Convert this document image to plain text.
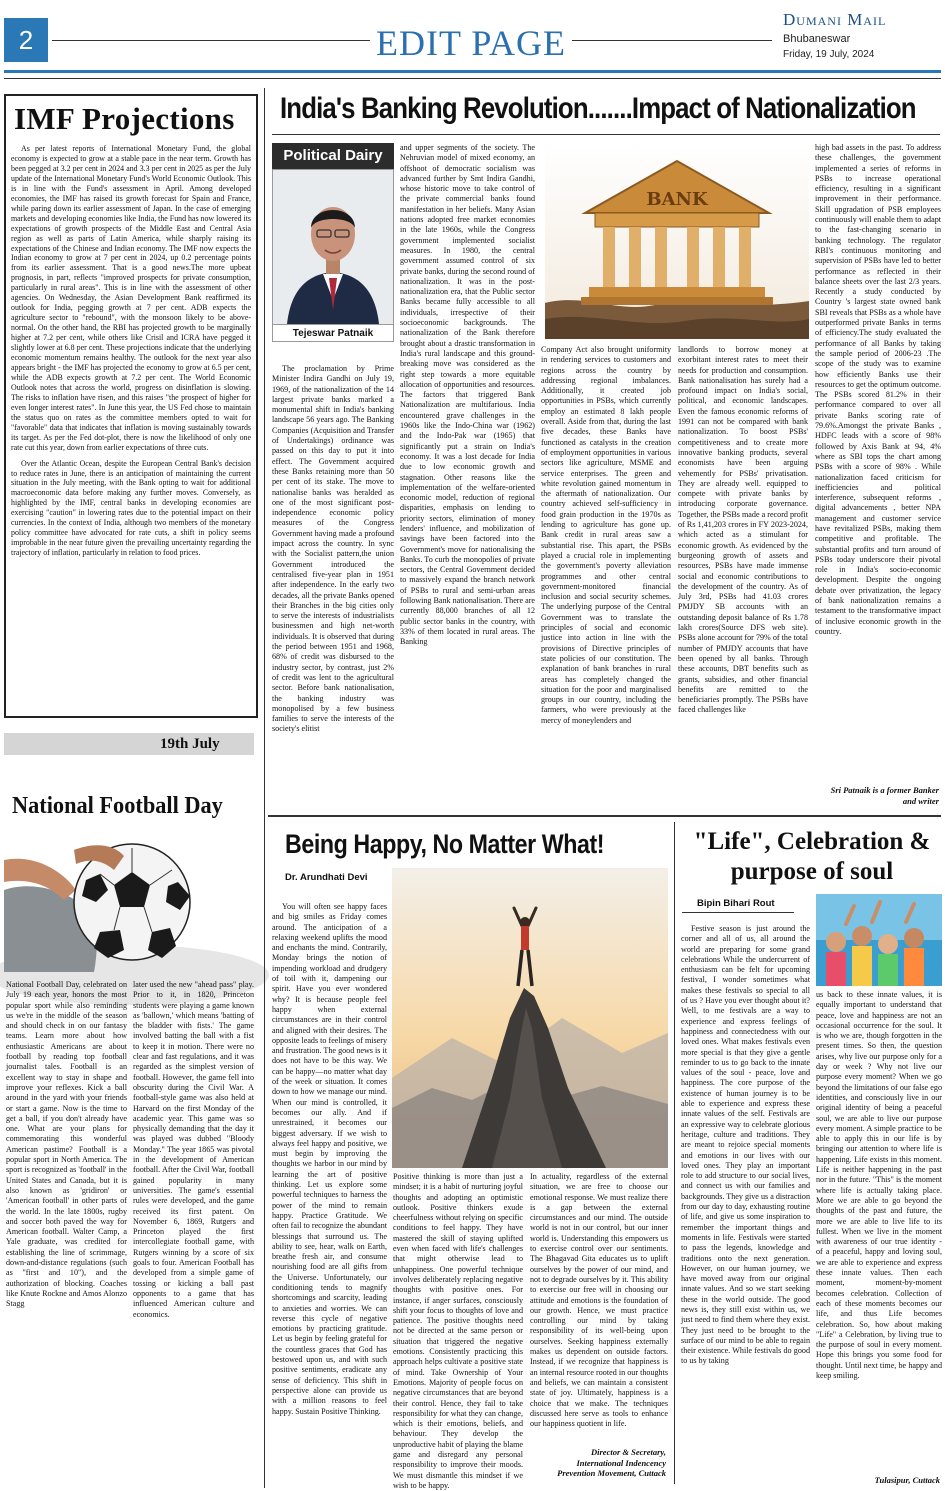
2	EDIT PAGE
Dumani Mail
Bhubaneswar
Friday, 19 July, 2024
IMF Projections

As per latest reports of International Monetary Fund, the global economy is expected to grow at a stable pace in the near term. Growth has been pegged at 3.2 per cent in 2024 and 3.3 per cent in 2025 as per the July update of the International Monetary Fund's World Economic Outlook. This is in line with the Fund's assessment in April. Among developed economies, the IMF has raised its growth forecast for Spain and France, while paring down its earlier assessment of Japan. In the case of emerging markets and developing economies like India, the Fund has now lowered its expectations of growth prospects of the Middle East and Central Asia region as well as parts of Latin America, while sharply raising its expectations of the Chinese and Indian economy. The IMF now expects the Indian economy to grow at 7 per cent in 2024, up 0.2 percentage points from its earlier assessment. That is a good news.The more upbeat prognosis, in part, reflects "improved prospects for private consumption, particularly in rural areas". This is in line with the assessment of other agencies. On Wednesday, the Asian Development Bank reaffirmed its outlook for India, pegging growth at 7 per cent. ADB expects the agriculture sector to "rebound", with the monsoon likely to be above-normal. On the other hand, the RBI has projected growth to be marginally higher at 7.2 per cent, while others like Crisil and ICRA have pegged it slightly lower at 6.8 per cent. These projections indicate that the underlying economic momentum remains healthy. The outlook for the next year also appears bright - the IMF has projected the economy to grow at 6.5 per cent, while the ADB expects growth at 7.2 per cent. The World Economic Outlook notes that across the world, progress on disinflation is slowing. The risks to inflation have risen, and this raises "the prospect of higher for even longer interest rates". In June this year, the US Fed chose to maintain the status quo on rates as the committee members opted to wait for "favorable" data that indicates that inflation is moving sustainably towards its target. As per the Fed dot-plot, there is now the likelihood of only one rate cut this year, down from earlier expectations of three cuts.

Over the Atlantic Ocean, despite the European Central Bank's decision to reduce rates in June, there is an anticipation of maintaining the current situation in the July meeting, with the Bank opting to wait for additional macroeconomic data before making any further moves. Conversely, as highlighted by the IMF, central banks in developing economies are exercising "caution" in lowering rates due to the potential impact on their currencies. In the context of India, although two members of the monetary policy committee have advocated for rate cuts, a shift in policy seems improbable in the near future given the prevailing uncertainty regarding the trajectory of inflation, particularly in relation to food prices.

19th July
National Football Day

National Football Day, celebrated on July 19 each year, honors the most popular sport while also reminding us we're in the middle of the season and should check in on our fantasy teams. Learn more about how enthusiastic Americans are about football by reading top football journalist tales. Football is an excellent way to stay in shape and improve your reflexes. Kick a ball around in the yard with your friends or start a game. Now is the time to get a ball, if you don't already have one. What are your plans for commemorating this wonderful American pastime? Football is a popular sport in North America. The sport is recognized as 'football' in the United States and Canada, but it is also known as 'gridiron' or 'American football' in other parts of the world. In the late 1800s, rugby and soccer both paved the way for American football. Walter Camp, a Yale graduate, was credited for establishing the line of scrimmage, down-and-distance regulations (such as "first and 10"), and the authorization of blocking. Coaches like Knute Rockne and Amos Alonzo Stagg

later used the new "ahead pass" play. Prior to it, in 1820, Princeton students were playing a game known as 'ballown,' which means 'batting of the bladder with fists.' The game involved batting the ball with a fist to keep it in motion. There were no clear and fast regulations, and it was regarded as the simplest version of football. However, the game fell into obscurity during the Civil War. A football-style game was also held at Harvard on the first Monday of the academic year. This game was so physically demanding that the day it was played was dubbed "Bloody Monday." The year 1865 was pivotal in the development of American football. After the Civil War, football gained popularity in many universities. The game's essential rules were developed, and the game received its first patent. On November 6, 1869, Rutgers and Princeton played the first intercollegiate football game, with Rutgers winning by a score of six goals to four. American Football has developed from a simple game of tossing or kicking a ball past opponents to a game that has influenced American culture and economics.

India's Banking Revolution.......Impact of Nationalization
Political Dairy
Tejeswar Patnaik
BANK

The proclamation by Prime Minister Indira Gandhi on July 19, 1969, of the nationalization of the 14 largest private banks marked a monumental shift in India's banking landscape 56 years ago. The Banking Companies (Acquisition and Transfer of Undertakings) ordinance was passed on this day to put it into effect. The Government acquired these Banks retaining more than 50 per cent of its stake. The move to nationalise banks was heralded as one of the most significant post-independence economic policy measures of the Congress Government having made a profound impact across the country. In sync with the Socialist pattern,the union Government introduced the centralised five-year plan in 1951 after independence. In the early two decades, all the private Banks opened their Branches in the big cities only to serve the interests of industrialists businessmen and high net-worth individuals. It is observed that during the period between 1951 and 1968, 68% of credit was disbursed to the industry sector, by contrast, just 2% of credit was lent to the agricultural sector. Before bank nationalisation, the banking industry was monopolised by a few business families to serve the interests of the society's elitist

and upper segments of the society. The Nehruvian model of mixed economy, an offshoot of democratic socialism was advanced further by Smt Indira Gandhi, whose historic move to take control of the private commercial banks found manifestation in her beliefs. Many Asian nations adopted free market economies in the late 1960s, while the Congress government implemented socialist measures. In 1980, the central government assumed control of six private banks, during the second round of nationalization. It was in the post-nationalization era, that the Public sector Banks became fully accessible to all individuals, irrespective of their socioeconomic backgrounds. The nationalization of the Bank therefore brought about a drastic transformation in India's rural landscape and this ground-breaking move was considered as the right step towards a more equitable allocation of opportunities and resources. The factors that triggered Bank Nationalization are multifarious. India encountered grave challenges in the 1960s like the Indo-China war (1962) and the Indo-Pak war (1965) that significantly put a strain on India's economy. It was a lost decade for India due to low economic growth and stagnation. Other reasons like the implementation of the welfare-oriented economic model, reduction of regional disparities, emphasis on lending to priority sectors, elimination of money lenders' influence, and mobilization of savings have been factored into the Government's move for nationalising the Banks. To curb the monopolies of private sectors, the Central Government decided to massively expand the branch network of PSBs to rural and semi-urban areas following Bank nationalisation. There are currently 88,000 branches of all 12 public sector banks in the country, with 33% of them located in rural areas. The Banking

Company Act also brought uniformity in rendering services to customers and regions across the country by addressing regional imbalances. Additionally, it created job opportunities in PSBs, which currently employ an estimated 8 lakh people overall. Aside from that, during the last five decades, these Banks have functioned as catalysts in the creation of employment opportunities in various sectors like agriculture, MSME and service enterprises. The green and white revolution gained momentum in the aftermath of nationalization. Our country achieved self-sufficiency in food grain production in the 1970s as lending to agriculture has gone up. Bank credit in rural areas saw a substantial rise. This apart, the PSBs played a crucial role in implementing the government's poverty alleviation programmes and other central government-monitored financial inclusion and social security schemes. The underlying purpose of the Central Government was to translate the principles of social and economic justice into action in line with the provisions of Directive principles of state policies of our constitution. The explanation of bank branches in rural areas has completely changed the situation for the poor and marginalised groups in our country, including the farmers, who were previously at the mercy of moneylenders and

landlords to borrow money at exorbitant interest rates to meet their needs for production and consumption. Bank nationalisation has surely had a profound impact on India's social, political, and economic landscapes. Even the famous economic reforms of 1991 can not be compared with bank nationalization. To boost PSBs' competitiveness and to create more innovative banking products, several economists have been arguing vehemently for PSBs' privatisation. They are already well. equipped to compete with private banks by introducing corporate governance. Together, the PSBs made a record profit of Rs 1,41,203 crores in FY 2023-2024, which acted as a stimulant for economic growth. As evidenced by the burgeoning growth of assets and resources, PSBs have made immense social and economic contributions to the development of the country. As of July 3rd, PSBs had 41.03 crores PMJDY SB accounts with an outstanding deposit balance of Rs 1.78 lakh crores(Source DFS web site). PSBs alone account for 79% of the total number of PMJDY accounts that have been opened by all banks. Through these accounts, DBT benefits such as grants, subsidies, and other financial benefits are remitted to the beneficiaries promptly. The PSBs have faced challenges like

high bad assets in the past. To address these challenges, the government implemented a series of reforms in PSBs to increase operational efficiency, resulting in a significant improvement in their performance. Skill upgradation of PSB employees continuously will enable them to adapt to the fast-changing scenario in banking technology. The regulator RBI's continuous monitoring and supervision of PSBs have led to better performance as reflected in their balance sheets over the last 2/3 years. Recently a study conducted by Country 's largest state owned bank SBI reveals that PSBs as a whole have outperformed private Banks in terms of efficiency.The study evaluated the performance of all Banks by taking the sample period of 2006-23 .The scope of the study was to examine how efficiently Banks use their resources to get the optimum outcome. The PSBs scored 81.2% in their performance compared to over all private Banks scoring rate of 79.6%.Amongst the private Banks , HDFC leads with a score of 98% followed by Axis Bank at 94, 4% where as SBI tops the chart among PSBs with a score of 98% . While nationalization faced criticism for inefficiencies and political interference, subsequent reforms , digital advancements , better NPA management and customer service have revitalized PSBs, making them competitive and profitable. The substantial profits and turn around of PSBs today underscore their pivotal role in India's socio-economic development. Despite the ongoing debate over privatization, the legacy of bank nationalization remains a testament to the transformative impact of inclusive economic growth in the country.

Sri Patnaik is a former Banker
and writer
Being Happy, No Matter What!
Dr. Arundhati Devi

You will often see happy faces and big smiles as Friday comes around. The anticipation of a relaxing weekend uplifts the mood and enchants the mind. Contrarily, Monday brings the notion of impending workload and drudgery of toil with it, dampening our spirit. Have you ever wondered why? It is because people feel happy when external circumstances are in their control and aligned with their desires. The opposite leads to feelings of misery and frustration. The good news is it does not have to be this way. We can be happy—no matter what day of the week or situation. It comes down to how we manage our mind. When our mind is controlled, it becomes our ally. And if unrestrained, it becomes our biggest adversary. If we wish to always feel happy and positive, we must begin by improving the thoughts we harbor in our mind by learning the art of positive thinking. Let us explore some powerful techniques to harness the power of the mind to remain happy. Practice Gratitude. We often fail to recognize the abundant blessings that surround us. The ability to see, hear, walk on Earth, breathe fresh air, and consume nourishing food are all gifts from the Universe. Unfortunately, our conditioning tends to magnify shortcomings and scarcity, leading to anxieties and worries. We can reverse this cycle of negative emotions by practicing gratitude. Let us begin by feeling grateful for the countless graces that God has bestowed upon us, and with such positive sentiments, eradicate any sense of deficiency. This shift in perspective alone can provide us with a million reasons to feel happy. Sustain Positive Thinking.

Positive thinking is more than just a mindset; it is a habit of nurturing joyful thoughts and adopting an optimistic outlook. Positive thinkers exude cheerfulness without relying on specific conditions to feel happy. They have mastered the skill of staying uplifted even when faced with life's challenges that might otherwise lead to unhappiness. One powerful technique involves deliberately replacing negative thoughts with positive ones. For instance, if anger surfaces, consciously shift your focus to thoughts of love and patience. The positive thoughts need not be directed at the same person or situation that triggered the negative emotions. Consistently practicing this approach helps cultivate a positive state of mind. Take Ownership of Your Emotions. Majority of people focus on negative circumstances that are beyond their control. Hence, they fail to take responsibility for what they can change, which is their emotions, beliefs, and behaviour. They develop the unproductive habit of playing the blame game and disregard any personal responsibility to improve their moods. We must dismantle this mindset if we wish to be happy.

In actuality, regardless of the external situation, we are free to choose our emotional response. We must realize there is a gap between the external circumstances and our mind. The outside world is not in our control, but our inner world is. Understanding this empowers us to exercise control over our sentiments. The Bhagavad Gita educates us to uplift ourselves by the power of our mind, and not to degrade ourselves by it. This ability to exercise our free will in choosing our attitude and emotions is the foundation of our growth. Hence, we must practice controlling our mind by taking responsibility of its well-being upon ourselves. Seeking happiness externally makes us dependent on outside factors. Instead, if we recognize that happiness is an internal resource rooted in our thoughts and beliefs, we can maintain a consistent state of joy. Ultimately, happiness is a choice that we make. The techniques discussed here serve as tools to enhance our happiness quotient in life.

Director & Secretary,
International Indencency
Prevention Movement, Cuttack
"Life", Celebration & purpose of soul
Bipin Bihari Rout

Festive season is just around the corner and all of us, all around the world are preparing for some grand celebrations While the undercurrent of enthusiasm can be felt for upcoming festival, I wonder sometimes what makes these festivals so special to all of us ? Have you ever thought about it? Well, to me festivals are a way to experience and express feelings of happiness and connectedness with our loved ones. What makes festivals even more special is that they give a gentle reminder to us to go back to the innate values of the soul - peace, love and happiness. The core purpose of the existence of human journey is to be able to experience and express these innate values of the self. Festivals are an expressive way to celebrate glorious heritage, culture and traditions. They are meant to rejoice special moments and emotions in our lives with our loved ones. They play an important role to add structure to our social lives, and connect us with our families and backgrounds. They give us a distraction from our day to day, exhausting routine of life, and give us some inspiration to remember the important things and moments in life. Festivals were started to pass the legends, knowledge and traditions onto the next generation. However, on our human journey, we have moved away from our original innate values. And so we start seeking these in the world outside. The good news is, they still exist within us, we just need to find them where they exist. They just need to be brought to the surface of our mind to be able to regain their existence. While festivals do good to us by taking

us back to these innate values, it is equally important to understand that peace, love and happiness are not an occasional occurrence for the soul. It is who we are, though forgotten in the present times. So then, the question arises, why live our purpose only for a day or week ? Why not live our purpose every moment? When we go beyond the limitations of our false ego identities, and consciously live in our original identity of being a peaceful soul, we are able to live our purpose every moment. A simple practice to be able to apply this in our life is by bringing our attention to where life is happening. Life exists in this moment. Life is neither happening in the past nor in the future. "This" is the moment where life is actually taking place. More we are able to go beyond the thoughts of the past and future, the more we are able to live life to its fullest. When we live in the moment with awareness of our true identity - of a peaceful, happy and loving soul, we are able to experience and express these innate values. Then each moment, moment-by-moment becomes celebration. Collection of each of these moments becomes our life, and thus Life becomes celebration. So, how about making "Life" a Celebration, by living true to the purpose of soul in every moment. Hope this brings you some food for thought. Until next time, be happy and keep smiling.

Tulasipur, Cuttack
